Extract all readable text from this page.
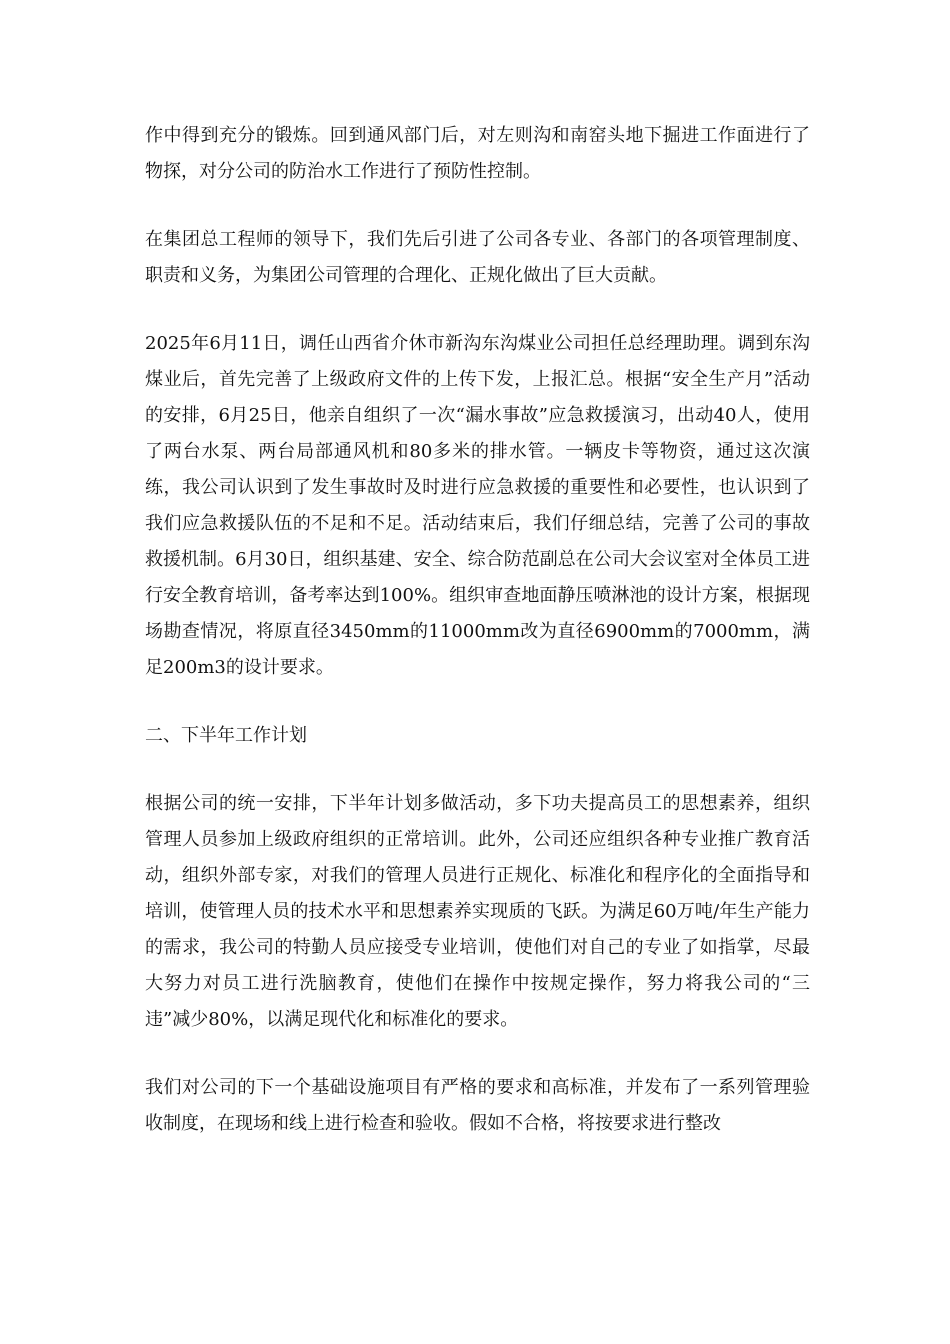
作中得到充分的锻炼。回到通风部门后，对左则沟和南窑头地下掘进工作面进行了物探，对分公司的防治水工作进行了预防性控制。

在集团总工程师的领导下，我们先后引进了公司各专业、各部门的各项管理制度、职责和义务，为集团公司管理的合理化、正规化做出了巨大贡献。

2025年6月11日，调任山西省介休市新沟东沟煤业公司担任总经理助理。调到东沟煤业后，首先完善了上级政府文件的上传下发，上报汇总。根据“安全生产月”活动的安排，6月25日，他亲自组织了一次“漏水事故”应急救援演习，出动40人，使用了两台水泵、两台局部通风机和80多米的排水管。一辆皮卡等物资，通过这次演练，我公司认识到了发生事故时及时进行应急救援的重要性和必要性，也认识到了我们应急救援队伍的不足和不足。活动结束后，我们仔细总结，完善了公司的事故救援机制。6月30日，组织基建、安全、综合防范副总在公司大会议室对全体员工进行安全教育培训，备考率达到100%。组织审查地面静压喷淋池的设计方案，根据现场勘查情况，将原直径3450mm的11000mm改为直径6900mm的7000mm，满足200m3的设计要求。

二、下半年工作计划

根据公司的统一安排，下半年计划多做活动，多下功夫提高员工的思想素养，组织管理人员参加上级政府组织的正常培训。此外，公司还应组织各种专业推广教育活动，组织外部专家，对我们的管理人员进行正规化、标准化和程序化的全面指导和培训，使管理人员的技术水平和思想素养实现质的飞跃。为满足60万吨/年生产能力的需求，我公司的特勤人员应接受专业培训，使他们对自己的专业了如指掌，尽最大努力对员工进行洗脑教育，使他们在操作中按规定操作，努力将我公司的“三违”减少80%，以满足现代化和标准化的要求。

我们对公司的下一个基础设施项目有严格的要求和高标准，并发布了一系列管理验收制度，在现场和线上进行检查和验收。假如不合格，将按要求进行整改
